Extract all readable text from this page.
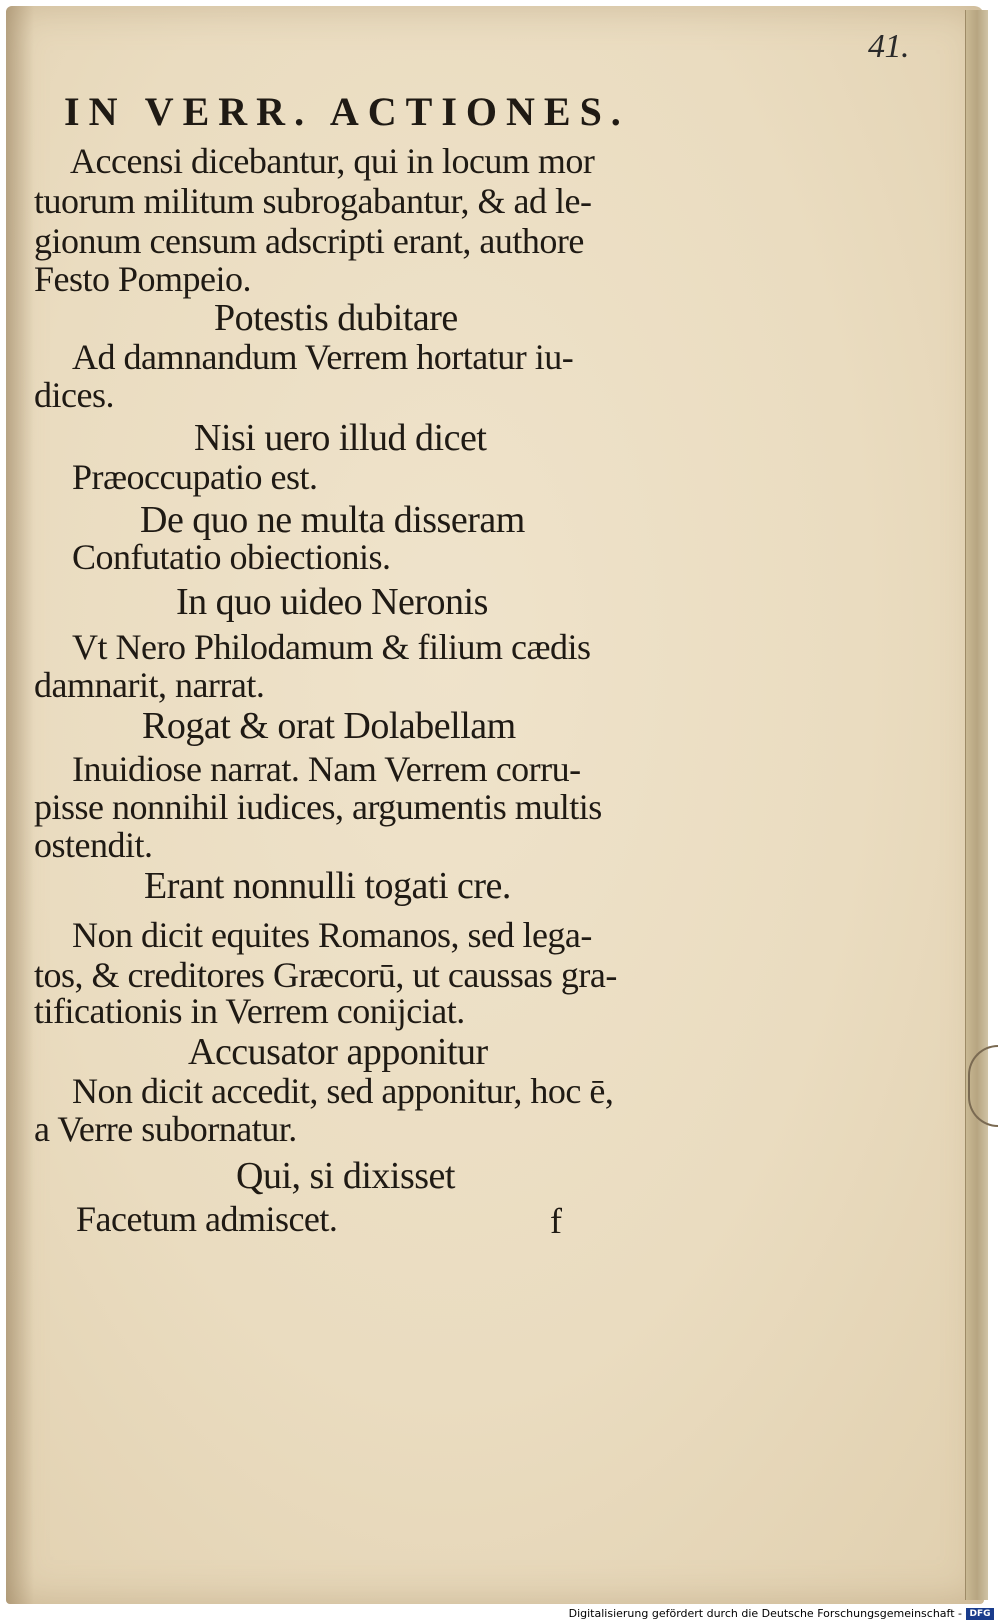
41.
IN VERR. ACTIONES.
Accensi dicebantur, qui in locum mor
tuorum militum subrogabantur, & ad le-
gionum censum adscripti erant, authore
Festo Pompeio.
Potestis dubitare
Ad damnandum Verrem hortatur iu-
dices.
Nisi uero illud dicet
Præoccupatio est.
De quo ne multa disseram
Confutatio obiectionis.
In quo uideo Neronis
Vt Nero Philodamum & filium cædis
damnarit, narrat.
Rogat & orat Dolabellam
Inuidiose narrat. Nam Verrem corru-
pisse nonnihil iudices, argumentis multis
ostendit.
Erant nonnulli togati cre.
Non dicit equites Romanos, sed lega-
tos, & creditores Græcorū, ut caussas gra-
tificationis in Verrem conijciat.
Accusator apponitur
Non dicit accedit, sed apponitur, hoc ē,
a Verre subornatur.
Qui, si dixisset
Facetum admiscet.	f
Digitalisierung gefördert durch die Deutsche Forschungsgemeinschaft - DFG
